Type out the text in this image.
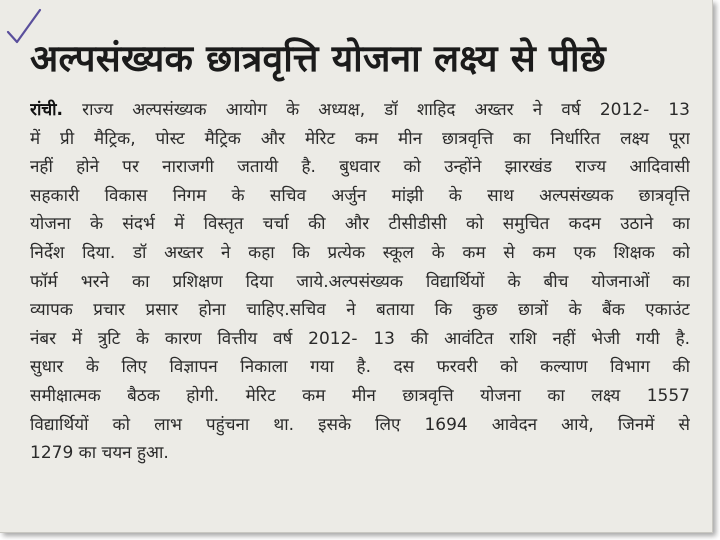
अल्पसंख्यक छात्रवृत्ति योजना लक्ष्य से पीछे
रांची. राज्य अल्पसंख्यक आयोग के अध्यक्ष, डॉ शाहिद अख्तर ने वर्ष 2012- 13
में प्री मैट्रिक, पोस्ट मैट्रिक और मेरिट कम मीन छात्रवृत्ति का निर्धारित लक्ष्य पूरा
नहीं होने पर नाराजगी जतायी है. बुधवार को उन्होंने झारखंड राज्य आदिवासी
सहकारी विकास निगम के सचिव अर्जुन मांझी के साथ अल्पसंख्यक छात्रवृत्ति
योजना के संदर्भ में विस्तृत चर्चा की और टीसीडीसी को समुचित कदम उठाने का
निर्देश दिया. डॉ अख्तर ने कहा कि प्रत्येक स्कूल के कम से कम एक शिक्षक को
फॉर्म भरने का प्रशिक्षण दिया जाये.अल्पसंख्यक विद्यार्थियों के बीच योजनाओं का
व्यापक प्रचार प्रसार होना चाहिए.सचिव ने बताया कि कुछ छात्रों के बैंक एकाउंट
नंबर में त्रुटि के कारण वित्तीय वर्ष 2012- 13 की आवंटित राशि नहीं भेजी गयी है.
सुधार के लिए विज्ञापन निकाला गया है. दस फरवरी को कल्याण विभाग की
समीक्षात्मक बैठक होगी. मेरिट कम मीन छात्रवृत्ति योजना का लक्ष्य 1557
विद्यार्थियों को लाभ पहुंचना था. इसके लिए 1694 आवेदन आये, जिनमें से
1279 का चयन हुआ.
